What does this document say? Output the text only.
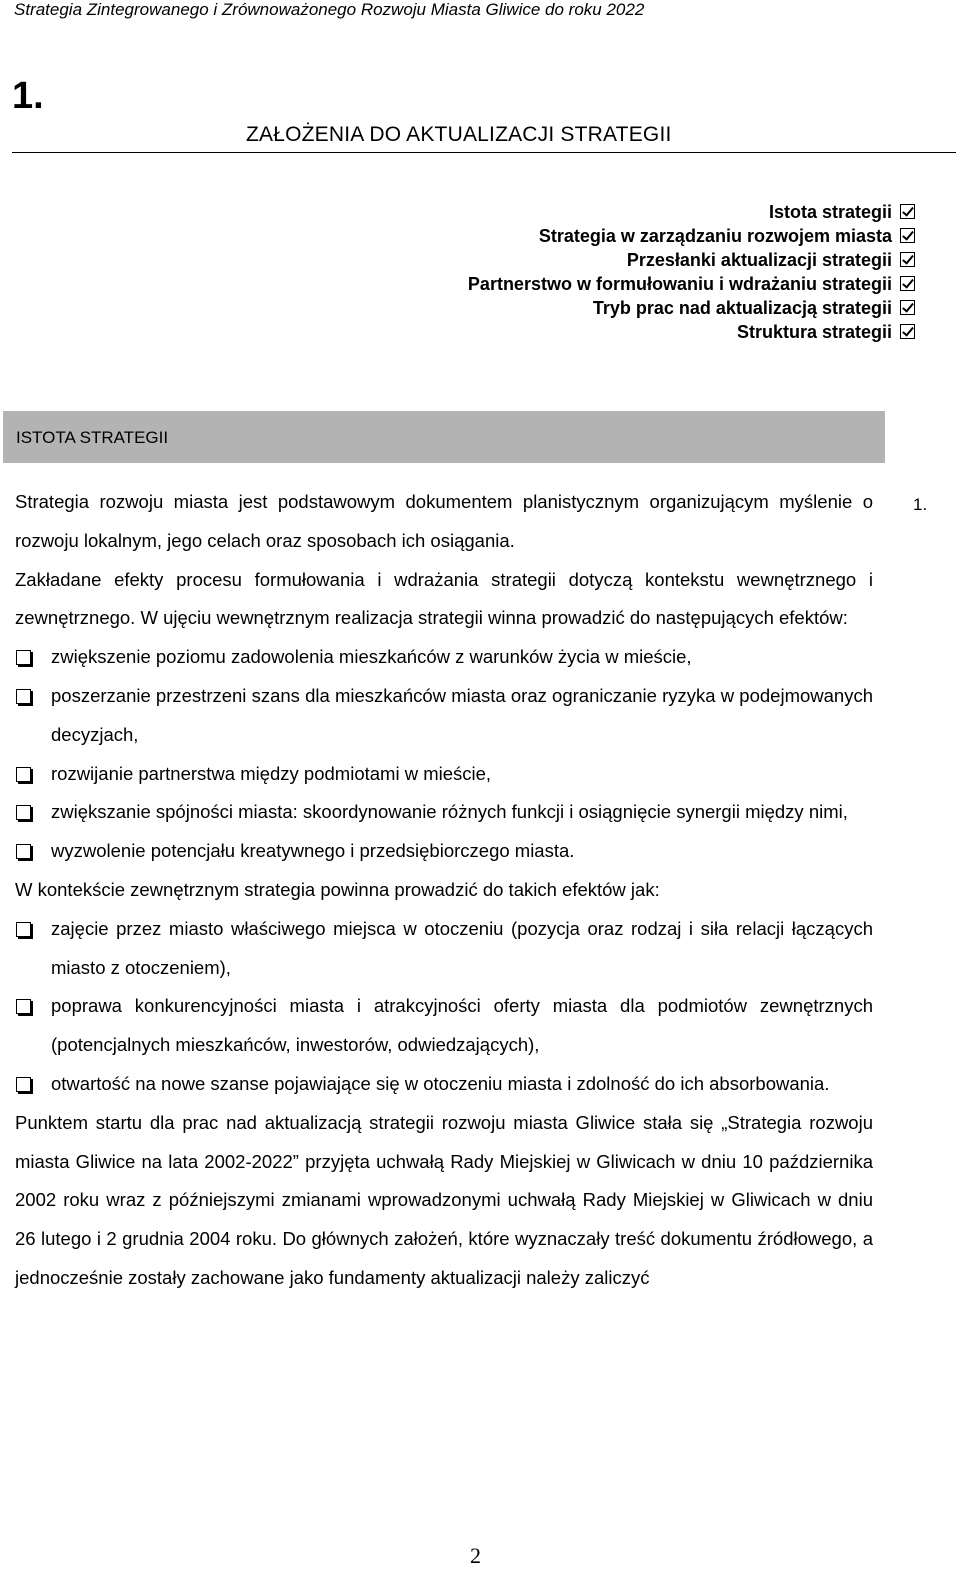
Strategia Zintegrowanego i Zrównoważonego Rozwoju Miasta Gliwice do roku 2022
1.
ZAŁOŻENIA DO AKTUALIZACJI STRATEGII
Istota strategii
Strategia w zarządzaniu rozwojem miasta
Przesłanki aktualizacji strategii
Partnerstwo w formułowaniu i wdrażaniu strategii
Tryb prac nad aktualizacją strategii
Struktura strategii
ISTOTA STRATEGII
1.

Strategia rozwoju miasta jest podstawowym dokumentem planistycznym organizującym myślenie o rozwoju lokalnym, jego celach oraz sposobach ich osiągania.

Zakładane efekty procesu formułowania i wdrażania strategii dotyczą kontekstu wewnętrznego i zewnętrznego. W ujęciu wewnętrznym realizacja strategii winna prowadzić do następujących efektów:

zwiększenie poziomu zadowolenia mieszkańców z warunków życia w mieście,
poszerzanie przestrzeni szans dla mieszkańców miasta oraz ograniczanie ryzyka w podejmowanych decyzjach,
rozwijanie partnerstwa między podmiotami w mieście,
zwiększanie spójności miasta: skoordynowanie różnych funkcji i osiągnięcie synergii między nimi,
wyzwolenie potencjału kreatywnego i przedsiębiorczego miasta.

W kontekście zewnętrznym strategia powinna prowadzić do takich efektów jak:

zajęcie przez miasto właściwego miejsca w otoczeniu (pozycja oraz rodzaj i siła relacji łączących miasto z otoczeniem),
poprawa konkurencyjności miasta i atrakcyjności oferty miasta dla podmiotów zewnętrznych (potencjalnych mieszkańców, inwestorów, odwiedzających),
otwartość na nowe szanse pojawiające się w otoczeniu miasta i zdolność do ich absorbowania.

Punktem startu dla prac nad aktualizacją strategii rozwoju miasta Gliwice stała się „Strategia rozwoju miasta Gliwice na lata 2002-2022” przyjęta uchwałą Rady Miejskiej w Gliwicach w dniu 10 października 2002 roku wraz z późniejszymi zmianami wprowadzonymi uchwałą Rady Miejskiej w Gliwicach w dniu 26 lutego i 2 grudnia 2004 roku. Do głównych założeń, które wyznaczały treść dokumentu źródłowego, a jednocześnie zostały zachowane jako fundamenty aktualizacji należy zaliczyć

2
